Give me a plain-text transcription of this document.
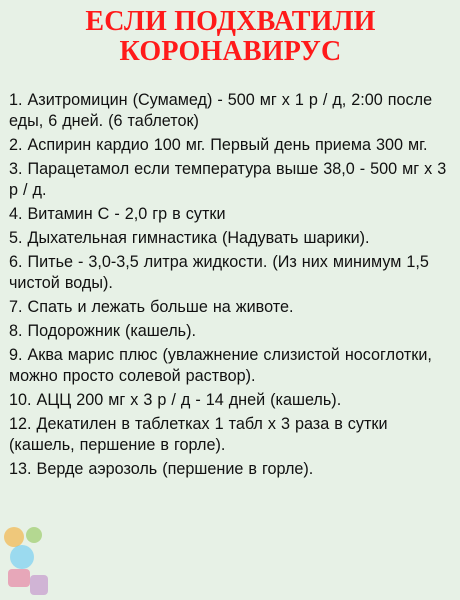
ЕСЛИ ПОДХВАТИЛИ
КОРОНАВИРУС
1. Азитромицин (Сумамед) - 500 мг х 1 р / д, 2:00 после еды, 6 дней. (6 таблеток)
2. Аспирин кардио 100 мг. Первый день приема 300 мг.
3. Парацетамол если температура выше 38,0 - 500 мг х 3 р / д.
4. Витамин С - 2,0 гр в сутки
5. Дыхательная гимнастика (Надувать шарики).
6. Питье - 3,0-3,5 литра жидкости. (Из них минимум 1,5 чистой воды).
7. Спать и лежать больше на животе.
8. Подорожник (кашель).
9. Аква марис плюс (увлажнение слизистой носоглотки, можно просто солевой раствор).
10. АЦЦ 200 мг х 3 р / д - 14 дней (кашель).
12. Декатилен в таблетках 1 табл х 3 раза в сутки (кашель, першение в горле).
13. Верде аэрозоль (першение в горле).
